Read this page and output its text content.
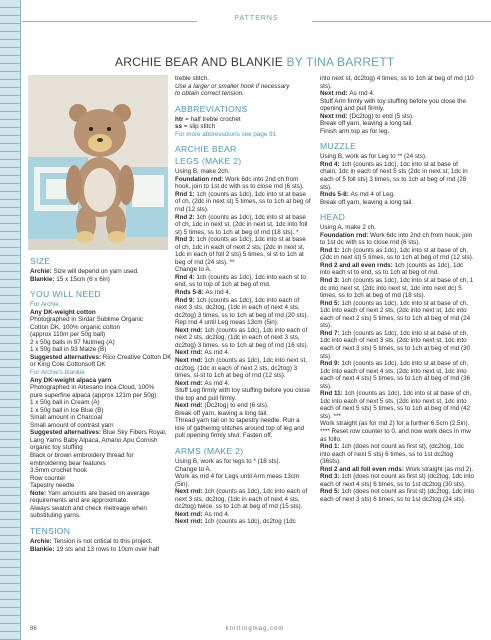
PATTERNS
ARCHIE BEAR AND BLANKIE BY TINA BARRETT
SIZE

Archie: Size will depend on yarn used.

Blankie: 15 x 15cm (6 x 6in)

YOU WILL NEED

For Archie

Any DK-weight cotton

Photographed in Sirdar Sublime Organic

Cotton DK, 100% organic cotton

(approx 110m per 50g ball)

2 x 50g balls in 97 Nutmeg (A)

1 x 50g ball in 93 Maize (B)

Suggested alternatives: Rico Creative Cotton DK or King Cole Cottonsoft DK

For Archie's blankie

Any DK-weight alpaca yarn

Photographed in Artesano Inca Cloud, 100%

pure superfine alpaca (approx 121m per 50g)

1 x 50g ball in Cream (A)

1 x 50g ball in Ice Blue (B)

Small amount in Charcoal

Small amount of contrast yarn

Suggested alternatives: Blue Sky Fibers Royal, Lang Yarns Baby Alpaca, Amano Apu Cornish organic toy stuffing

Black or brown embroidery thread for

embroidering bear features

3.5mm crochet hook

Row counter

Tapestry needle

Note: Yarn amounts are based on average requirements and are approximate.

Always swatch and check metreage when substituting yarns.

TENSION

Archie: Tension is not critical to this project.

Blankie: 19 sts and 13 rows to 10cm over half

treble stitch.

Use a larger or smaller hook if necessary

to obtain correct tension.

ABBREVIATIONS

htr = half treble crochet

ss = slip stitch

For more abbreviations see page 91

ARCHIE BEAR
LEGS (MAKE 2)

Using B, make 2ch.

Foundation rnd: Work 6dc into 2nd ch from hook, join to 1st dc with ss to close rnd (6 sts).

Rnd 1: 1ch (counts as 1dc), 1dc into st at base of ch, (2dc in next st) 5 times, ss to 1ch at beg of rnd (12 sts).

Rnd 2: 1ch (counts as 1dc), 1dc into st at base of ch, 1dc in next st, (2dc in next st, 1dc into foll st) 5 times, ss to 1ch at beg of rnd (18 sts). *

Rnd 3: 1ch (counts as 1dc), 1dc into st at base of ch, 1dc in each of next 2 sts, (2dc in next st, 1dc in each of foll 2 sts) 5 times, sl st to 1ch at beg of rnd (24 sts). **

Change to A.

Rnd 4: 1ch (counts as 1dc), 1dc into each st to end, ss to top of 1ch at beg of rnd.

Rnds 5-8: As rnd 4.

Rnd 9: 1ch (counts as 1dc), 1dc into each of next 3 sts, dc2tog, (1dc in each of next 4 sts, dc2tog) 3 times, ss to 1ch at beg of rnd (20 sts).

Rep rnd 4 until Leg meas 13cm (5in).

Next rnd: 1ch (counts as 1dc), 1dc into each of next 2 sts, dc2tog, (1dc in each of next 3 sts, dc2tog) 3 times, ss to 1ch at beg of rnd (16 sts).

Next rnd: As rnd 4.

Next rnd: 1ch (counts as 1dc), 1dc into next st, dc2tog, (1dc in each of next 2 sts, dc2tog) 3 times, sl-st to 1ch at beg of rnd (12 sts).

Next rnd: As rnd 4.

Stuff Leg firmly with toy stuffing before you close the top and pull firmly.

Next rnd: (Dc2tog) to end (6 sts).

Break off yarn, leaving a long tail.

Thread yarn tail on to tapestry needle. Run a line of gathering stitches around top of leg and pull opening firmly shut. Fasten off.

ARMS (MAKE 2)

Using B, work as for legs to * (18 sts).

Change to A.

Work as rnd 4 for Legs until Arm meas 13cm (5in).

Next rnd: 1ch (counts as 1dc), 1dc into each of next 3 sts, dc2tog, (1dc in each of next 4 sts, dc2tog) twice, ss to 1ch at beg of rnd (15 sts).

Next rnd: As rnd 4.

Next rnd: 1ch (counts as 1dc), dc2tog (1dc

into next st, dc2tog) 4 times, ss to 1ch at beg of rnd (10 sts).

Next rnd: As rnd 4.

Stuff Arm firmly with toy stuffing before you close the opening and pull firmly.

Next rnd: (Dc2tog) to end (5 sts).

Break off yarn, leaving a long tail.

Finish arm top as for leg.

MUZZLE

Using B, work as for Leg to ** (24 sts).

Rnd 4: 1ch (counts as 1dc), 1dc into st at base of chain, 1dc in each of next 5 sts (2dc in next st, 1dc in each of 5 foll sts) 3 times, ss to 1ch at beg of rnd (28 sts).

Rnds 5-8: As rnd 4 of Leg.

Break off yarn, leaving a long tail.

HEAD

Using A, make 2 ch.

Foundation rnd: Work 6dc into 2nd ch from hook, join to 1st dc with ss to close rnd (6 sts).

Rnd 1: 1ch (counts as 1dc), 1dc into st at base of ch, (2dc in next st) 5 times, ss to 1ch at beg of rnd (12 sts).

Rnd 2 and all even rnds: 1ch (counts as 1dc), 1dc into each st to end, ss to 1ch at beg of rnd.

Rnd 3: 1ch (counts as 1dc), 1dc into st at base of ch, 1 dc into next st, (2dc into next st, 1dc into next dc) 5 times, ss to 1ch at beg of rnd (18 sts).

Rnd 5: 1ch (counts as 1dc), 1dc into st at base of ch, 1dc into each of next 2 sts, (2dc into next st, 1dc into each of next 2 sts) 5 times, ss to 1ch at beg of rnd (24 sts).

Rnd 7: 1ch (counts as 1dc), 1dc into st at base of ch, 1dc into each of next 3 sts, (2dc into next st, 1dc into each of next 3 sts) 5 times, ss to 1ch at beg of rnd (30 sts).

Rnd 9: 1ch (counts as 1dc), 1dc into st at base of ch, 1dc into each of next 4 sts, (2dc into next st, 1dc into each of next 4 sts) 5 times, ss to 1ch at beg of rnd (36 sts).

Rnd 11: 1ch (counts as 1dc), 1dc into st at base of ch, 1dc into each of next 5 sts, (2dc into next st, 1dc into each of next 5 sts) 5 times, ss to 1ch at beg of rnd (42 sts). ***

Work straight (as for rnd 2) for a further 6.5cm (2.5in).

**** Reset row counter to 0, and now work decs in rnw as follo:

Rnd 1: 1ch (does not count as first st), (dc2tog, 1dc into each of next 5 sts) 6 times, ss to 1st dc2tog (36sts).

Rnd 2 and all foll even rnds: Work straight (as rnd 2).

Rnd 3: 1ch (does not count as first st) (dc2tog, 1dc into each of next 4 sts) 6 times, ss to 1st dc2tog (30 sts).

Rnd 5: 1ch (does not count as first st) (dc2tog, 1dc into each of next 3 sts) 6 times, ss to 1st dc2tog (24 sts).

86	knittingmag.com
